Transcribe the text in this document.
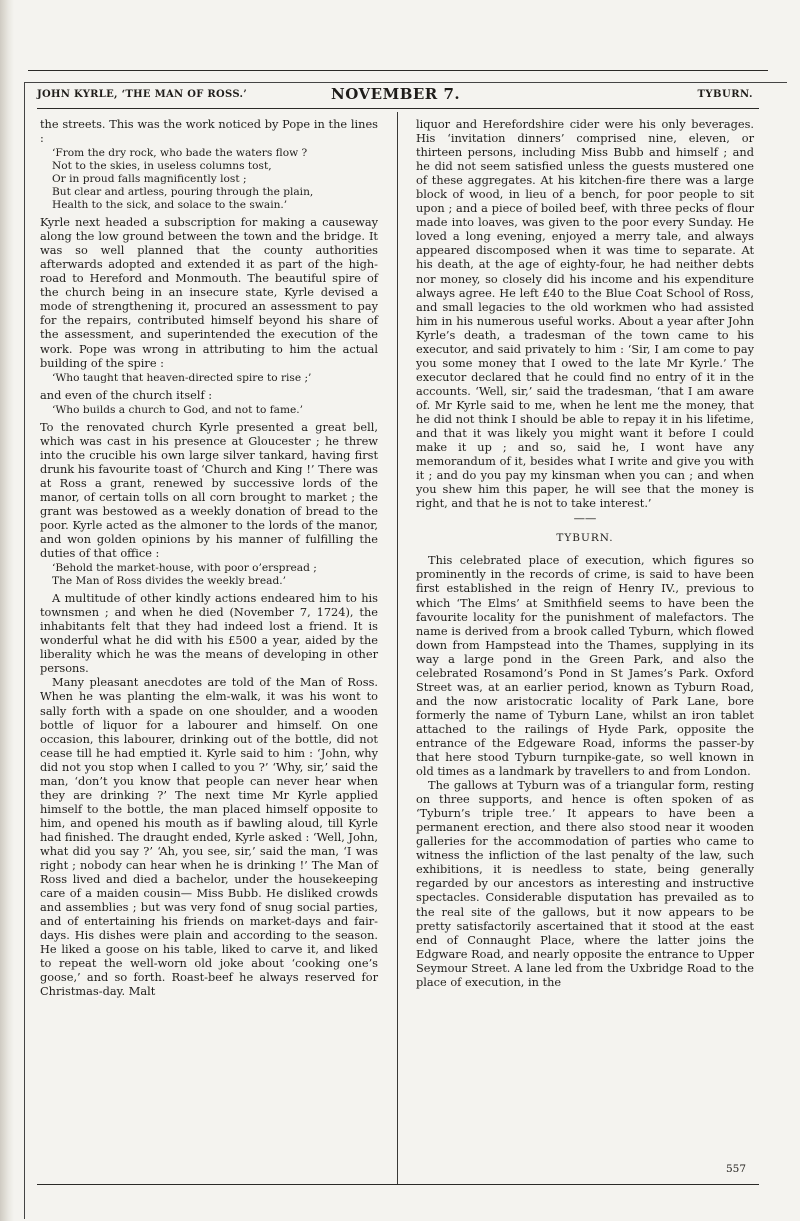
JOHN KYRLE, ‘THE MAN OF ROSS.’	NOVEMBER 7.	TYBURN.

the streets. This was the work noticed by Pope in the lines :

‘From the dry rock, who bade the waters flow ?
Not to the skies, in useless columns tost,
Or in proud falls magnificently lost ;
But clear and artless, pouring through the plain,
Health to the sick, and solace to the swain.’

Kyrle next headed a subscription for making a causeway along the low ground between the town and the bridge. It was so well planned that the county authorities afterwards adopted and extended it as part of the high-road to Hereford and Monmouth. The beautiful spire of the church being in an insecure state, Kyrle devised a mode of strengthening it, procured an assessment to pay for the repairs, contributed himself beyond his share of the assessment, and superintended the execution of the work. Pope was wrong in attributing to him the actual building of the spire :

‘Who taught that heaven-directed spire to rise ;’

and even of the church itself :

‘Who builds a church to God, and not to fame.’

To the renovated church Kyrle presented a great bell, which was cast in his presence at Gloucester ; he threw into the crucible his own large silver tankard, having first drunk his favourite toast of ‘Church and King !’ There was at Ross a grant, renewed by successive lords of the manor, of certain tolls on all corn brought to market ; the grant was bestowed as a weekly donation of bread to the poor. Kyrle acted as the almoner to the lords of the manor, and won golden opinions by his manner of fulfilling the duties of that office :

‘Behold the market-house, with poor o’erspread ;
The Man of Ross divides the weekly bread.’

A multitude of other kindly actions endeared him to his townsmen ; and when he died (November 7, 1724), the inhabitants felt that they had indeed lost a friend. It is wonderful what he did with his £500 a year, aided by the liberality which he was the means of developing in other persons.

Many pleasant anecdotes are told of the Man of Ross. When he was planting the elm-walk, it was his wont to sally forth with a spade on one shoulder, and a wooden bottle of liquor for a labourer and himself. On one occasion, this labourer, drinking out of the bottle, did not cease till he had emptied it. Kyrle said to him : ‘John, why did not you stop when I called to you ?’ ‘Why, sir,’ said the man, ‘don’t you know that people can never hear when they are drinking ?’ The next time Mr Kyrle applied himself to the bottle, the man placed himself opposite to him, and opened his mouth as if bawling aloud, till Kyrle had finished. The draught ended, Kyrle asked : ‘Well, John, what did you say ?’ ‘Ah, you see, sir,’ said the man, ‘I was right ; nobody can hear when he is drinking !’ The Man of Ross lived and died a bachelor, under the housekeeping care of a maiden cousin— Miss Bubb. He disliked crowds and assemblies ; but was very fond of snug social parties, and of entertaining his friends on market-days and fair-days. His dishes were plain and according to the season. He liked a goose on his table, liked to carve it, and liked to repeat the well-worn old joke about ‘cooking one’s goose,’ and so forth. Roast-beef he always reserved for Christmas-day. Malt

liquor and Herefordshire cider were his only beverages. His ‘invitation dinners’ comprised nine, eleven, or thirteen persons, including Miss Bubb and himself ; and he did not seem satisfied unless the guests mustered one of these aggregates. At his kitchen-fire there was a large block of wood, in lieu of a bench, for poor people to sit upon ; and a piece of boiled beef, with three pecks of flour made into loaves, was given to the poor every Sunday. He loved a long evening, enjoyed a merry tale, and always appeared discomposed when it was time to separate. At his death, at the age of eighty-four, he had neither debts nor money, so closely did his income and his expenditure always agree. He left £40 to the Blue Coat School of Ross, and small legacies to the old workmen who had assisted him in his numerous useful works. About a year after John Kyrle’s death, a tradesman of the town came to his executor, and said privately to him : ‘Sir, I am come to pay you some money that I owed to the late Mr Kyrle.’ The executor declared that he could find no entry of it in the accounts. ‘Well, sir,’ said the tradesman, ‘that I am aware of. Mr Kyrle said to me, when he lent me the money, that he did not think I should be able to repay it in his lifetime, and that it was likely you might want it before I could make it up ; and so, said he, I wont have any memorandum of it, besides what I write and give you with it ; and do you pay my kinsman when you can ; and when you shew him this paper, he will see that the money is right, and that he is not to take interest.’

——
TYBURN.

This celebrated place of execution, which figures so prominently in the records of crime, is said to have been first established in the reign of Henry IV., previous to which ‘The Elms’ at Smithfield seems to have been the favourite locality for the punishment of malefactors. The name is derived from a brook called Tyburn, which flowed down from Hampstead into the Thames, supplying in its way a large pond in the Green Park, and also the celebrated Rosamond’s Pond in St James’s Park. Oxford Street was, at an earlier period, known as Tyburn Road, and the now aristocratic locality of Park Lane, bore formerly the name of Tyburn Lane, whilst an iron tablet attached to the railings of Hyde Park, opposite the entrance of the Edgeware Road, informs the passer-by that here stood Tyburn turnpike-gate, so well known in old times as a landmark by travellers to and from London.

The gallows at Tyburn was of a triangular form, resting on three supports, and hence is often spoken of as ‘Tyburn’s triple tree.’ It appears to have been a permanent erection, and there also stood near it wooden galleries for the accommodation of parties who came to witness the infliction of the last penalty of the law, such exhibitions, it is needless to state, being generally regarded by our ancestors as interesting and instructive spectacles. Considerable disputation has prevailed as to the real site of the gallows, but it now appears to be pretty satisfactorily ascertained that it stood at the east end of Connaught Place, where the latter joins the Edgware Road, and nearly opposite the entrance to Upper Seymour Street. A lane led from the Uxbridge Road to the place of execution, in the

557
